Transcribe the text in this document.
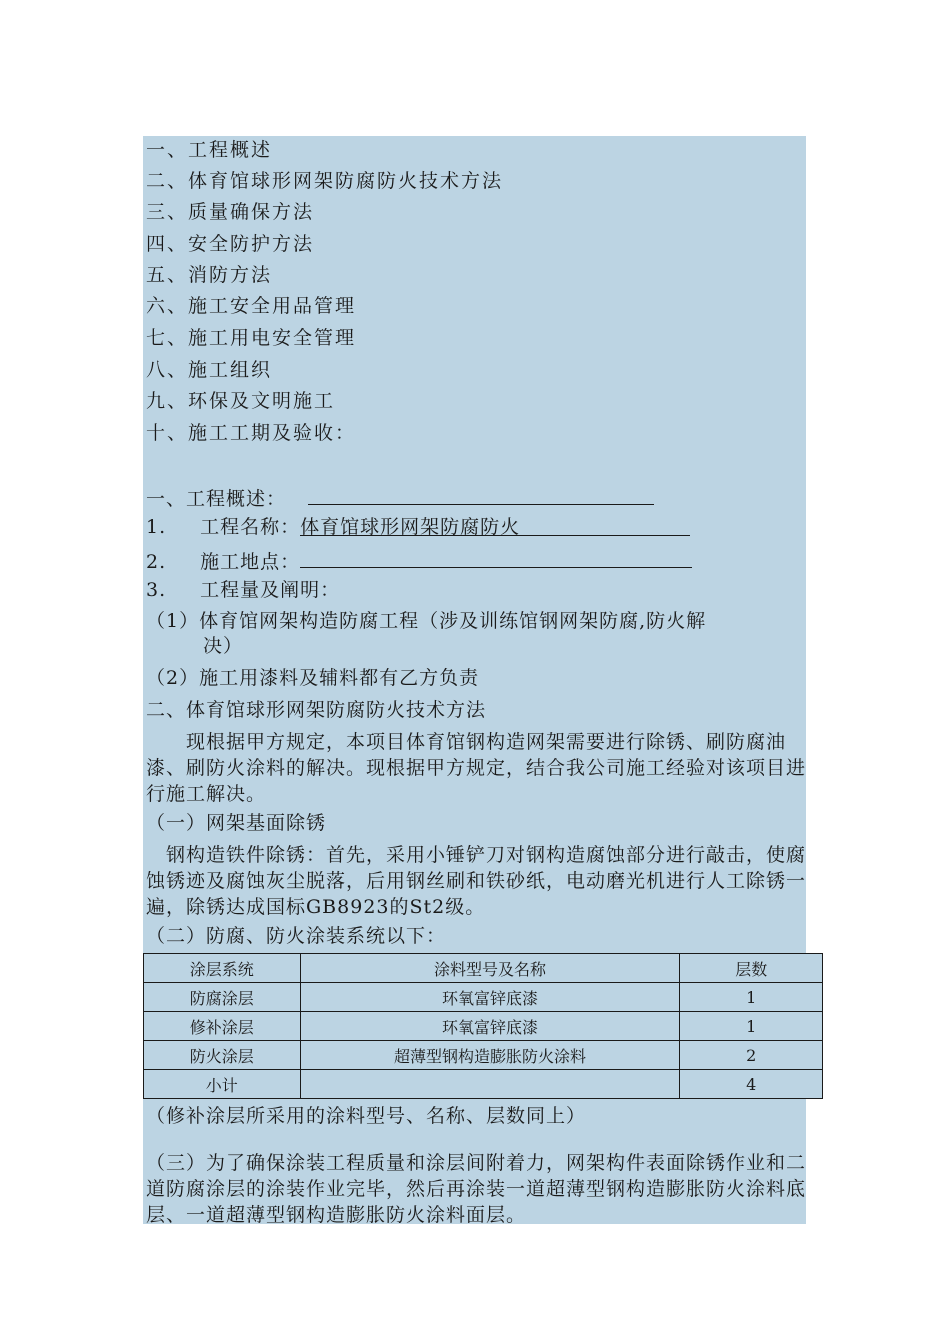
一、工程概述
二、体育馆球形网架防腐防火技术方法
三、质量确保方法
四、安全防护方法
五、消防方法
六、施工安全用品管理
七、施工用电安全管理
八、施工组织
九、环保及文明施工
十、施工工期及验收：
一、工程概述：
1. 工程名称：体育馆球形网架防腐防火
2. 施工地点：
3. 工程量及阐明：
（1）体育馆网架构造防腐工程（涉及训练馆钢网架防腐,防火解
决）
（2）施工用漆料及辅料都有乙方负责
二、体育馆球形网架防腐防火技术方法
　　现根据甲方规定，本项目体育馆钢构造网架需要进行除锈、刷防腐油漆、刷防火涂料的解决。现根据甲方规定，结合我公司施工经验对该项目进行施工解决。
（一）网架基面除锈
　钢构造铁件除锈：首先，采用小锤铲刀对钢构造腐蚀部分进行敲击，使腐蚀锈迹及腐蚀灰尘脱落，后用钢丝刷和铁砂纸，电动磨光机进行人工除锈一遍，除锈达成国标GB8923的St2级。
（二）防腐、防火涂装系统以下：
涂层系统	涂料型号及名称	层数
防腐涂层	环氧富锌底漆	1
修补涂层	环氧富锌底漆	1
防火涂层	超薄型钢构造膨胀防火涂料	2
小计		4
（修补涂层所采用的涂料型号、名称、层数同上）
（三）为了确保涂装工程质量和涂层间附着力，网架构件表面除锈作业和二道防腐涂层的涂装作业完毕，然后再涂装一道超薄型钢构造膨胀防火涂料底层、一道超薄型钢构造膨胀防火涂料面层。
